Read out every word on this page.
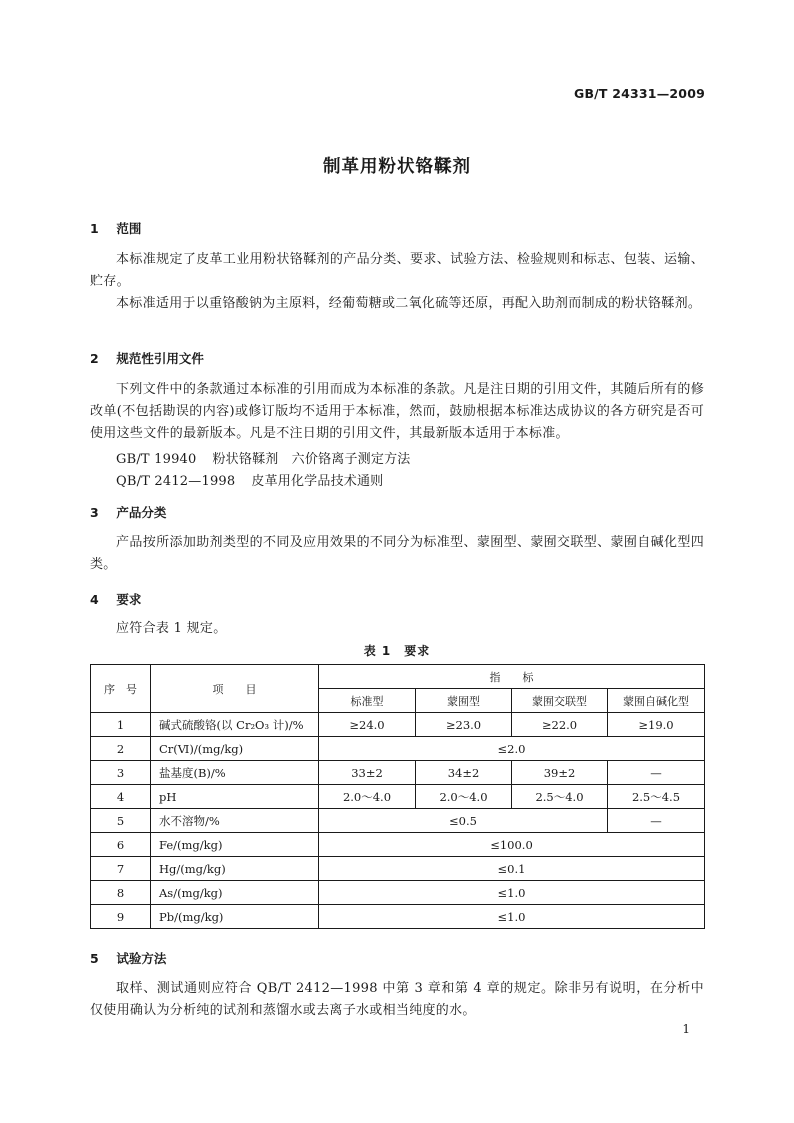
GB/T 24331—2009
制革用粉状铬鞣剂
1 范围

本标准规定了皮革工业用粉状铬鞣剂的产品分类、要求、试验方法、检验规则和标志、包装、运输、贮存。

本标准适用于以重铬酸钠为主原料，经葡萄糖或二氧化硫等还原，再配入助剂而制成的粉状铬鞣剂。

2 规范性引用文件

下列文件中的条款通过本标准的引用而成为本标准的条款。凡是注日期的引用文件，其随后所有的修改单(不包括勘误的内容)或修订版均不适用于本标准，然而，鼓励根据本标准达成协议的各方研究是否可使用这些文件的最新版本。凡是不注日期的引用文件，其最新版本适用于本标准。

GB/T 19940 粉状铬鞣剂　六价铬离子测定方法
QB/T 2412—1998 皮革用化学品技术通则
3 产品分类

产品按所添加助剂类型的不同及应用效果的不同分为标准型、蒙囿型、蒙囿交联型、蒙囿自碱化型四类。

4 要求

应符合表 1 规定。

表 1　要求
序　号	项　　目	指　　标			
		标准型	蒙囿型	蒙囿交联型	蒙囿自碱化型
1	碱式硫酸铬(以 Cr₂O₃ 计)/%	≥24.0	≥23.0	≥22.0	≥19.0
2	Cr(Ⅵ)/(mg/kg)	≤2.0			
3	盐基度(B)/%	33±2	34±2	39±2	—
4	pH	2.0～4.0	2.0～4.0	2.5～4.0	2.5～4.5
5	水不溶物/%	≤0.5			—
6	Fe/(mg/kg)	≤100.0			
7	Hg/(mg/kg)	≤0.1			
8	As/(mg/kg)	≤1.0			
9	Pb/(mg/kg)	≤1.0			
5 试验方法

取样、测试通则应符合 QB/T 2412—1998 中第 3 章和第 4 章的规定。除非另有说明，在分析中仅使用确认为分析纯的试剂和蒸馏水或去离子水或相当纯度的水。

1
